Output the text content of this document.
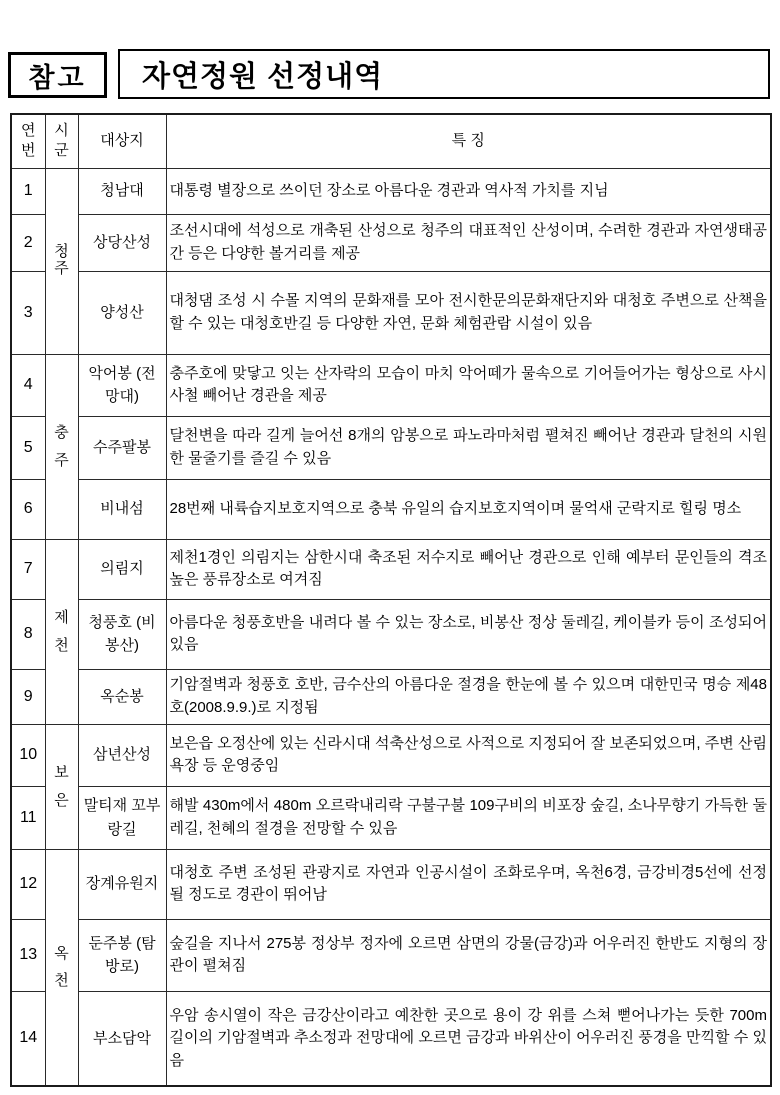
참고 자연정원 선정내역
연번	시군	대상지	특 징
1	청주	청남대	대통령 별장으로 쓰이던 장소로 아름다운 경관과 역사적 가치를 지님
2		상당산성	조선시대에 석성으로 개축된 산성으로 청주의 대표적인 산성이며, 수려한 경관과 자연생태공간 등은 다양한 볼거리를 제공
3		양성산	대청댐 조성 시 수몰 지역의 문화재를 모아 전시한문의문화재단지와 대청호 주변으로 산책을 할 수 있는 대청호반길 등 다양한 자연, 문화 체험관람 시설이 있음
4	충주	악어봉 (전망대)	충주호에 맞닿고 잇는 산자락의 모습이 마치 악어떼가 물속으로 기어들어가는 형상으로 사시사철 빼어난 경관을 제공
5		수주팔봉	달천변을 따라 길게 늘어선 8개의 암봉으로 파노라마처럼 펼쳐진 빼어난 경관과 달천의 시원한 물줄기를 즐길 수 있음
6		비내섬	28번째 내륙습지보호지역으로 충북 유일의 습지보호지역이며 물억새 군락지로 힐링 명소
7	제천	의림지	제천1경인 의림지는 삼한시대 축조된 저수지로 빼어난 경관으로 인해 예부터 문인들의 격조 높은 풍류장소로 여겨짐
8		청풍호 (비봉산)	아름다운 청풍호반을 내려다 볼 수 있는 장소로, 비봉산 정상 둘레길, 케이블카 등이 조성되어 있음
9		옥순봉	기암절벽과 청풍호 호반, 금수산의 아름다운 절경을 한눈에 볼 수 있으며 대한민국 명승 제48호(2008.9.9.)로 지정됨
10	보은	삼년산성	보은읍 오정산에 있는 신라시대 석축산성으로 사적으로 지정되어 잘 보존되었으며, 주변 산림욕장 등 운영중임
11		말티재 꼬부랑길	해발 430m에서 480m 오르락내리락 구불구불 109구비의 비포장 숲길, 소나무향기 가득한 둘레길, 천혜의 절경을 전망할 수 있음
12	옥천	장계유원지	대청호 주변 조성된 관광지로 자연과 인공시설이 조화로우며, 옥천6경, 금강비경5선에 선정될 정도로 경관이 뛰어남
13		둔주봉 (탐방로)	숲길을 지나서 275봉 정상부 정자에 오르면 삼면의 강물(금강)과 어우러진 한반도 지형의 장관이 펼쳐짐
14		부소담악	우암 송시열이 작은 금강산이라고 예찬한 곳으로 용이 강 위를 스쳐 뻗어나가는 듯한 700m 길이의 기암절벽과 추소정과 전망대에 오르면 금강과 바위산이 어우러진 풍경을 만끽할 수 있음
